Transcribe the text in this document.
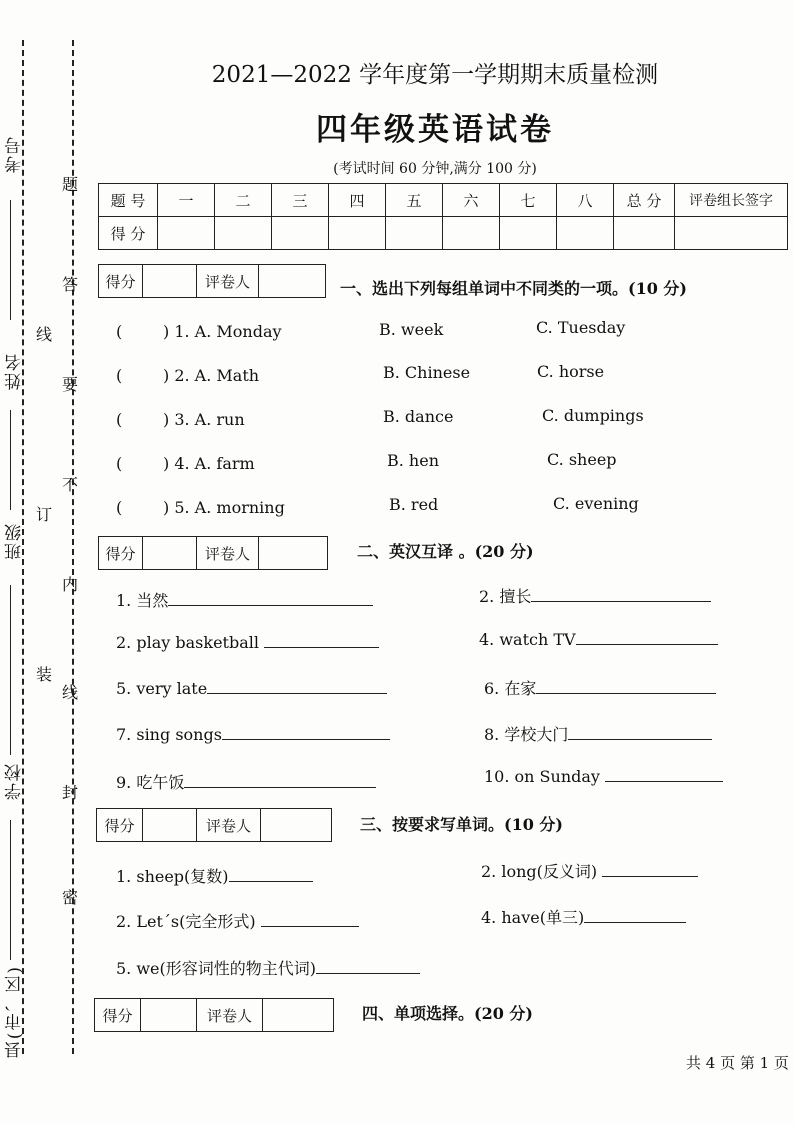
考号
姓名
班级
学校
县(市、区)
题
答
要
不
内
线
订
装
封
密
线
2021—2022 学年度第一学期期末质量检测
四年级英语试卷
(考试时间 60 分钟,满分 100 分)
题 号	一	二	三	四	五	六	七	八	总 分	评卷组长签字
得 分										
得分	评卷人	一、选出下列每组单词中不同类的一项。(10 分)
(	) 1. A. Monday	B. week	C. Tuesday
(	) 2. A. Math	B. Chinese	C. horse
(	) 3. A. run	B. dance	C. dumpings
(	) 4. A. farm	B. hen	C. sheep
(	) 5. A. morning	B. red	C. evening
得分	评卷人	二、英汉互译 。(20 分)
1. 当然	2. 擅长
2. play basketball	4. watch TV
5. very late	6. 在家
7. sing songs	8. 学校大门
9. 吃午饭	10. on Sunday
得分	评卷人	三、按要求写单词。(10 分)
1. sheep(复数)	2. long(反义词)
2. Let´s(完全形式)	4. have(单三)
5. we(形容词性的物主代词)
得分	评卷人	四、单项选择。(20 分)
共 4 页 第 1 页
